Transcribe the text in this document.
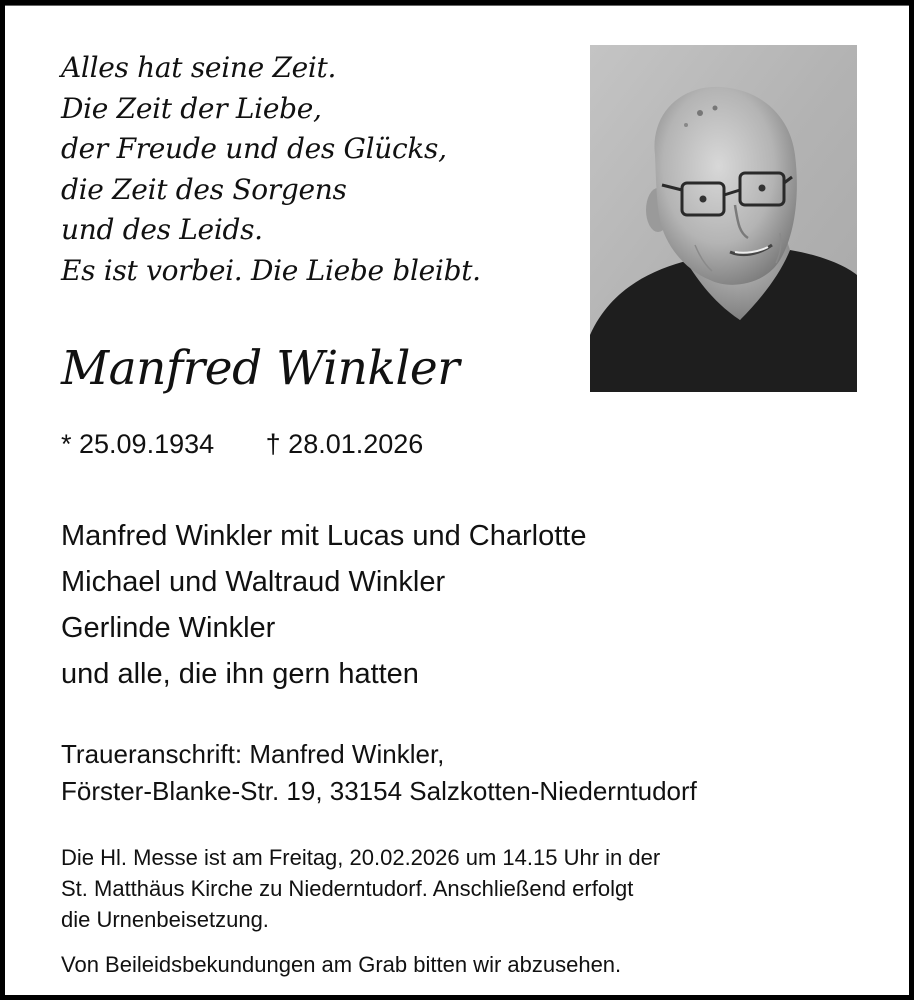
Alles hat seine Zeit.
Die Zeit der Liebe,
der Freude und des Glücks,
die Zeit des Sorgens
und des Leids.
Es ist vorbei. Die Liebe bleibt.
Manfred Winkler
* 25.09.1934 † 28.01.2026
Manfred Winkler mit Lucas und Charlotte
Michael und Waltraud Winkler
Gerlinde Winkler
und alle, die ihn gern hatten
Traueranschrift: Manfred Winkler,
Förster-Blanke-Str. 19, 33154 Salzkotten-Niederntudorf
Die Hl. Messe ist am Freitag, 20.02.2026 um 14.15 Uhr in der
St. Matthäus Kirche zu Niederntudorf. Anschließend erfolgt
die Urnenbeisetzung.
Von Beileidsbekundungen am Grab bitten wir abzusehen.
